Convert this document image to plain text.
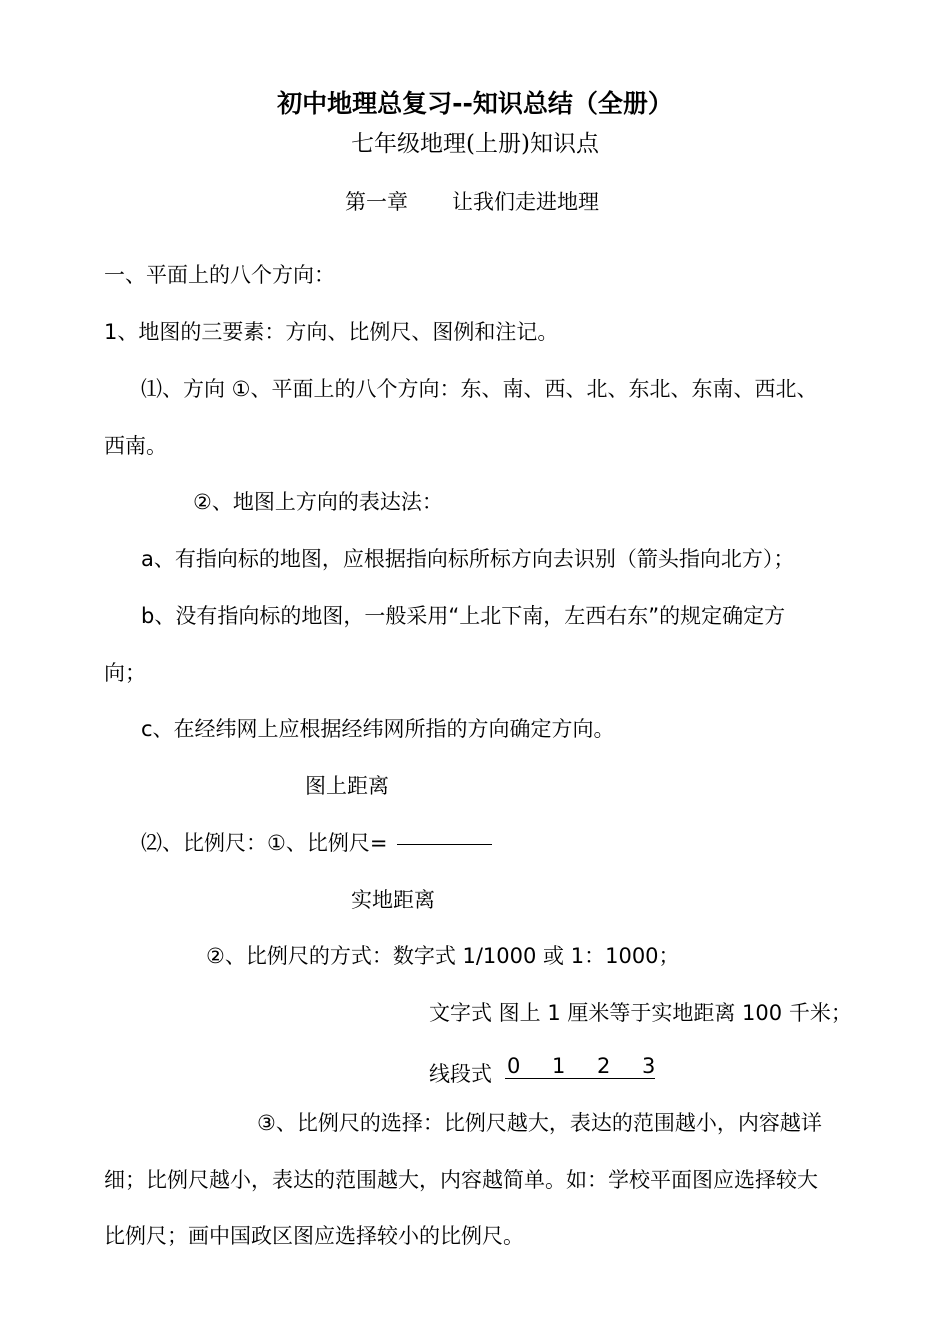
初中地理总复习--知识总结（全册）
七年级地理(上册)知识点
第一章 让我们走进地理
一、平面上的八个方向：
1、地图的三要素：方向、比例尺、图例和注记。
⑴、方向 ①、平面上的八个方向：东、南、西、北、东北、东南、西北、
西南。
②、地图上方向的表达法：
a、有指向标的地图，应根据指向标所标方向去识别（箭头指向北方）；
b、没有指向标的地图，一般采用“上北下南，左西右东”的规定确定方
向；
c、在经纬网上应根据经纬网所指的方向确定方向。
图上距离
⑵、比例尺：①、比例尺=
实地距离
②、比例尺的方式：数字式 1/1000 或 1：1000；
文字式 图上 1 厘米等于实地距离 100 千米；
线段式 0 1 2 3
③、比例尺的选择：比例尺越大，表达的范围越小，内容越详
细；比例尺越小，表达的范围越大，内容越简单。如：学校平面图应选择较大
比例尺；画中国政区图应选择较小的比例尺。
